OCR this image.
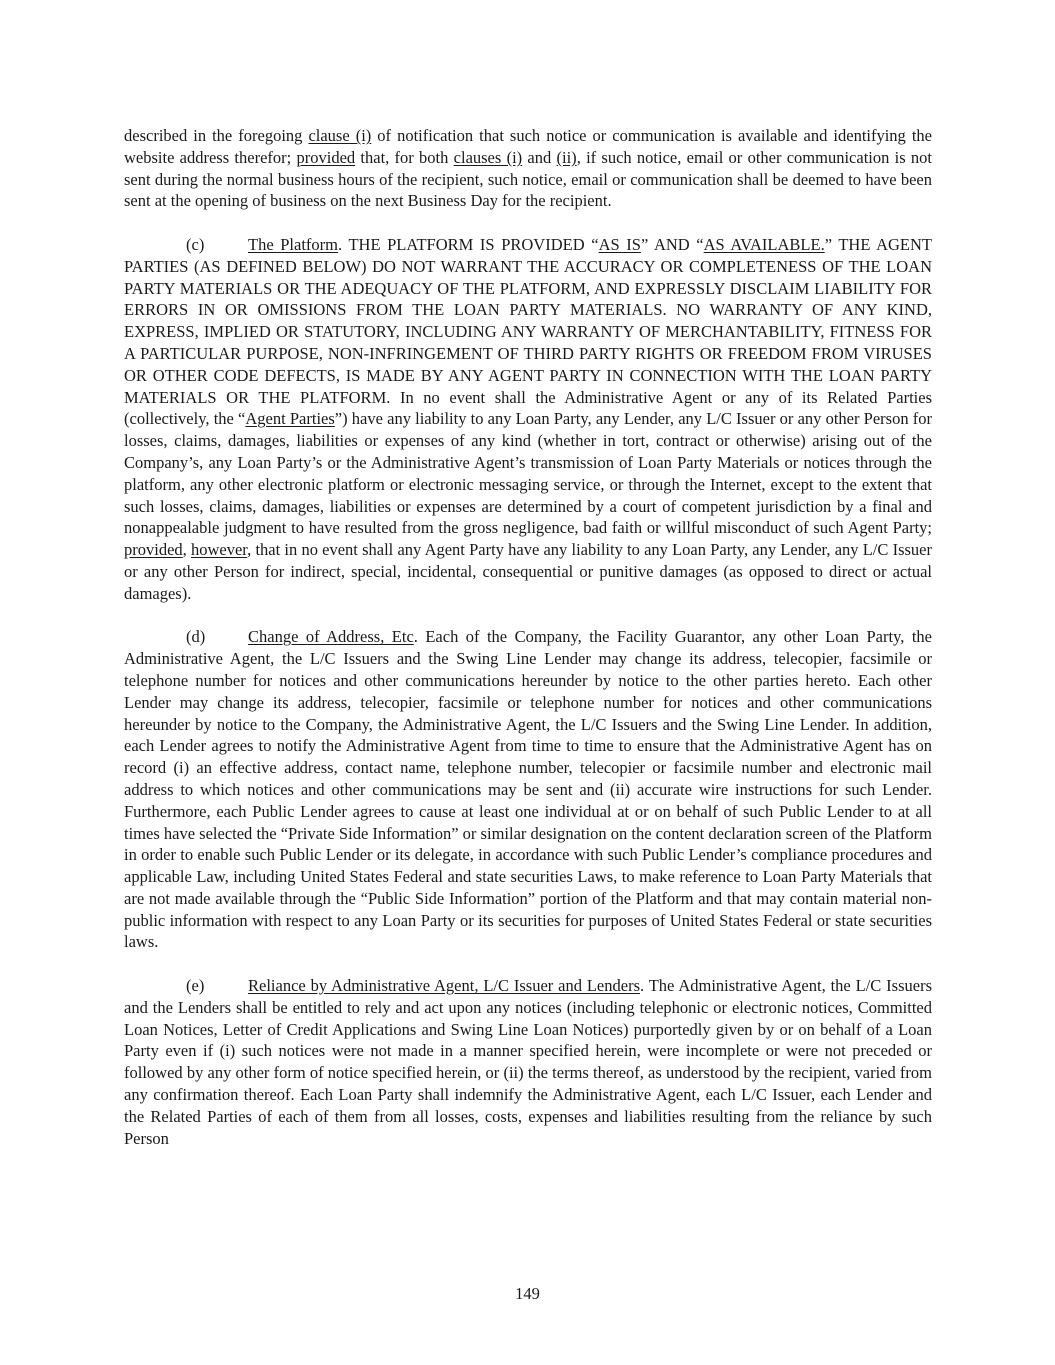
described in the foregoing clause (i) of notification that such notice or communication is available and identifying the website address therefor; provided that, for both clauses (i) and (ii), if such notice, email or other communication is not sent during the normal business hours of the recipient, such notice, email or communication shall be deemed to have been sent at the opening of business on the next Business Day for the recipient.

(c)	The Platform. THE PLATFORM IS PROVIDED “AS IS” AND “AS AVAILABLE.” THE AGENT PARTIES (AS DEFINED BELOW) DO NOT WARRANT THE ACCURACY OR COMPLETENESS OF THE LOAN PARTY MATERIALS OR THE ADEQUACY OF THE PLATFORM, AND EXPRESSLY DISCLAIM LIABILITY FOR ERRORS IN OR OMISSIONS FROM THE LOAN PARTY MATERIALS. NO WARRANTY OF ANY KIND, EXPRESS, IMPLIED OR STATUTORY, INCLUDING ANY WARRANTY OF MERCHANTABILITY, FITNESS FOR A PARTICULAR PURPOSE, NON-INFRINGEMENT OF THIRD PARTY RIGHTS OR FREEDOM FROM VIRUSES OR OTHER CODE DEFECTS, IS MADE BY ANY AGENT PARTY IN CONNECTION WITH THE LOAN PARTY MATERIALS OR THE PLATFORM. In no event shall the Administrative Agent or any of its Related Parties (collectively, the “Agent Parties”) have any liability to any Loan Party, any Lender, any L/C Issuer or any other Person for losses, claims, damages, liabilities or expenses of any kind (whether in tort, contract or otherwise) arising out of the Company’s, any Loan Party’s or the Administrative Agent’s transmission of Loan Party Materials or notices through the platform, any other electronic platform or electronic messaging service, or through the Internet, except to the extent that such losses, claims, damages, liabilities or expenses are determined by a court of competent jurisdiction by a final and nonappealable judgment to have resulted from the gross negligence, bad faith or willful misconduct of such Agent Party; provided, however, that in no event shall any Agent Party have any liability to any Loan Party, any Lender, any L/C Issuer or any other Person for indirect, special, incidental, consequential or punitive damages (as opposed to direct or actual damages).

(d)	Change of Address, Etc. Each of the Company, the Facility Guarantor, any other Loan Party, the Administrative Agent, the L/C Issuers and the Swing Line Lender may change its address, telecopier, facsimile or telephone number for notices and other communications hereunder by notice to the other parties hereto. Each other Lender may change its address, telecopier, facsimile or telephone number for notices and other communications hereunder by notice to the Company, the Administrative Agent, the L/C Issuers and the Swing Line Lender. In addition, each Lender agrees to notify the Administrative Agent from time to time to ensure that the Administrative Agent has on record (i) an effective address, contact name, telephone number, telecopier or facsimile number and electronic mail address to which notices and other communications may be sent and (ii) accurate wire instructions for such Lender. Furthermore, each Public Lender agrees to cause at least one individual at or on behalf of such Public Lender to at all times have selected the “Private Side Information” or similar designation on the content declaration screen of the Platform in order to enable such Public Lender or its delegate, in accordance with such Public Lender’s compliance procedures and applicable Law, including United States Federal and state securities Laws, to make reference to Loan Party Materials that are not made available through the “Public Side Information” portion of the Platform and that may contain material non-public information with respect to any Loan Party or its securities for purposes of United States Federal or state securities laws.

(e)	Reliance by Administrative Agent, L/C Issuer and Lenders. The Administrative Agent, the L/C Issuers and the Lenders shall be entitled to rely and act upon any notices (including telephonic or electronic notices, Committed Loan Notices, Letter of Credit Applications and Swing Line Loan Notices) purportedly given by or on behalf of a Loan Party even if (i) such notices were not made in a manner specified herein, were incomplete or were not preceded or followed by any other form of notice specified herein, or (ii) the terms thereof, as understood by the recipient, varied from any confirmation thereof. Each Loan Party shall indemnify the Administrative Agent, each L/C Issuer, each Lender and the Related Parties of each of them from all losses, costs, expenses and liabilities resulting from the reliance by such Person

149
